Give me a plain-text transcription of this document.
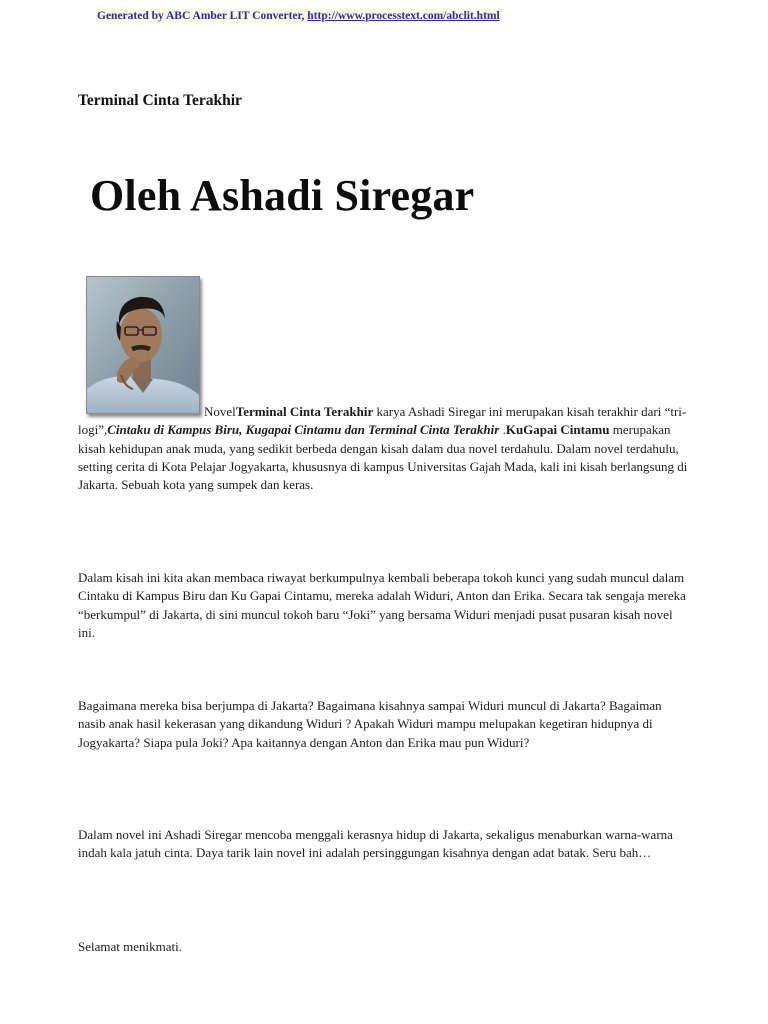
Generated by ABC Amber LIT Converter, http://www.processtext.com/abclit.html
Terminal Cinta Terakhir
Oleh Ashadi Siregar

NovelTerminal Cinta Terakhir karya Ashadi Siregar ini merupakan kisah terakhir dari “tri-logi”,Cintaku di Kampus Biru, Kugapai Cintamu dan Terminal Cinta Terakhir .KuGapai Cintamu merupakan kisah kehidupan anak muda, yang sedikit berbeda dengan kisah dalam dua novel terdahulu. Dalam novel terdahulu, setting cerita di Kota Pelajar Jogyakarta, khususnya di kampus Universitas Gajah Mada, kali ini kisah berlangsung di Jakarta. Sebuah kota yang sumpek dan keras.

Dalam kisah ini kita akan membaca riwayat berkumpulnya kembali beberapa tokoh kunci yang sudah muncul dalam Cintaku di Kampus Biru dan Ku Gapai Cintamu, mereka adalah Widuri, Anton dan Erika. Secara tak sengaja mereka “berkumpul” di Jakarta, di sini muncul tokoh baru “Joki” yang bersama Widuri menjadi pusat pusaran kisah novel ini.

Bagaimana mereka bisa berjumpa di Jakarta? Bagaimana kisahnya sampai Widuri muncul di Jakarta? Bagaiman nasib anak hasil kekerasan yang dikandung Widuri ? Apakah Widuri mampu melupakan kegetiran hidupnya di Jogyakarta? Siapa pula Joki? Apa kaitannya dengan Anton dan Erika mau pun Widuri?

Dalam novel ini Ashadi Siregar mencoba menggali kerasnya hidup di Jakarta, sekaligus menaburkan warna-warna indah kala jatuh cinta. Daya tarik lain novel ini adalah persinggungan kisahnya dengan adat batak. Seru bah…

Selamat menikmati.
